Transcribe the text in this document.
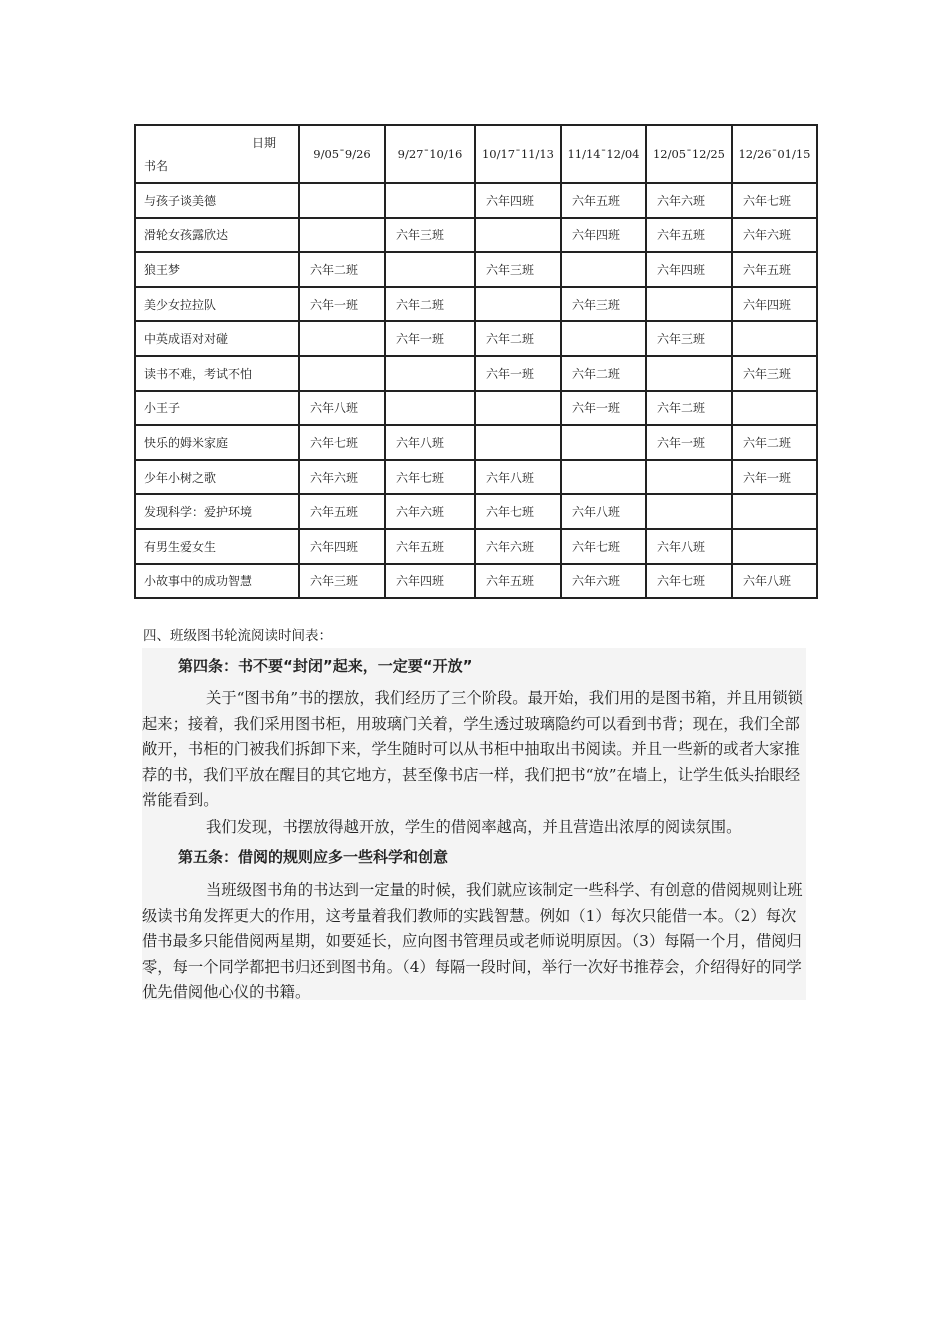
日期
书名	9/05¯9/26	9/27¯10/16	10/17¯11/13	11/14¯12/04	12/05¯12/25	12/26¯01/15
与孩子谈美德			六年四班	六年五班	六年六班	六年七班
滑轮女孩露欣达		六年三班		六年四班	六年五班	六年六班
狼王梦	六年二班		六年三班		六年四班	六年五班
美少女拉拉队	六年一班	六年二班		六年三班		六年四班
中英成语对对碰		六年一班	六年二班		六年三班	
读书不难，考试不怕			六年一班	六年二班		六年三班
小王子	六年八班			六年一班	六年二班	
快乐的姆米家庭	六年七班	六年八班			六年一班	六年二班
少年小树之歌	六年六班	六年七班	六年八班			六年一班
发现科学：爱护环境	六年五班	六年六班	六年七班	六年八班		
有男生爱女生	六年四班	六年五班	六年六班	六年七班	六年八班	
小故事中的成功智慧	六年三班	六年四班	六年五班	六年六班	六年七班	六年八班
四、班级图书轮流阅读时间表：
第四条：书不要“封闭”起来，一定要“开放”
关于“图书角”书的摆放，我们经历了三个阶段。最开始，我们用的是图书箱，并且用锁锁起来；接着，我们采用图书柜，用玻璃门关着，学生透过玻璃隐约可以看到书背；现在，我们全部敞开，书柜的门被我们拆卸下来，学生随时可以从书柜中抽取出书阅读。并且一些新的或者大家推荐的书，我们平放在醒目的其它地方，甚至像书店一样，我们把书“放”在墙上，让学生低头抬眼经常能看到。
我们发现，书摆放得越开放，学生的借阅率越高，并且营造出浓厚的阅读氛围。
第五条：借阅的规则应多一些科学和创意
当班级图书角的书达到一定量的时候，我们就应该制定一些科学、有创意的借阅规则让班级读书角发挥更大的作用，这考量着我们教师的实践智慧。例如（1）每次只能借一本。（2）每次借书最多只能借阅两星期，如要延长，应向图书管理员或老师说明原因。（3）每隔一个月，借阅归零，每一个同学都把书归还到图书角。（4）每隔一段时间，举行一次好书推荐会，介绍得好的同学优先借阅他心仪的书籍。
